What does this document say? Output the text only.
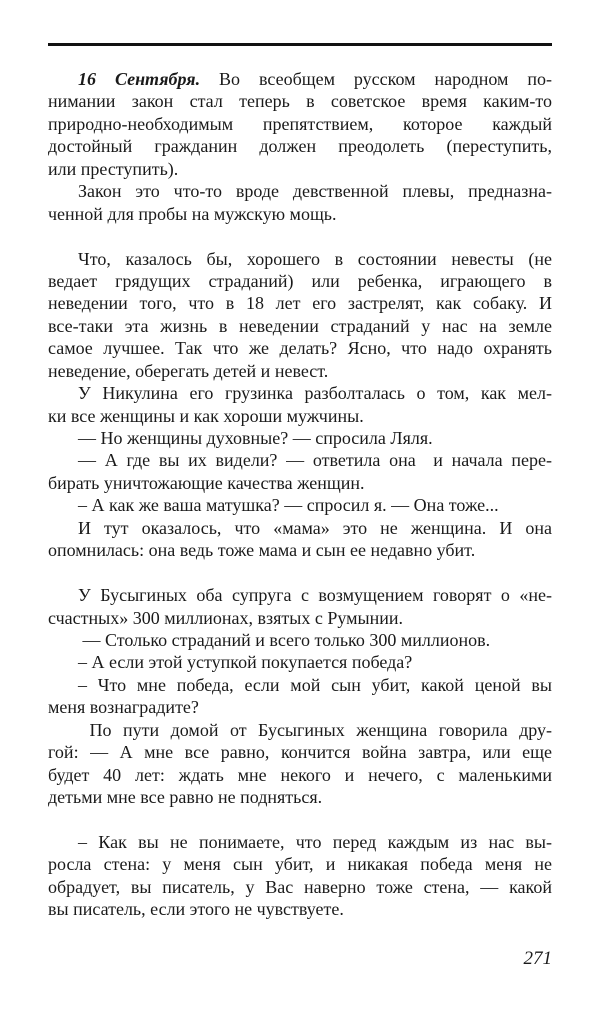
16 Сентября. Во всеобщем русском народном по-
нимании закон стал теперь в советское время каким-то
природно-необходимым препятствием, которое каждый
достойный гражданин должен преодолеть (переступить,
или преступить).
Закон это что-то вроде девственной плевы, предназна-
ченной для пробы на мужскую мощь.
Что, казалось бы, хорошего в состоянии невесты (не
ведает грядущих страданий) или ребенка, играющего в
неведении того, что в 18 лет его застрелят, как собаку. И
все-таки эта жизнь в неведении страданий у нас на земле
самое лучшее. Так что же делать? Ясно, что надо охранять
неведение, оберегать детей и невест.
У Никулина его грузинка разболталась о том, как мел-
ки все женщины и как хороши мужчины.
— Но женщины духовные? — спросила Ляля.
— А где вы их видели? — ответила она  и начала пере-
бирать уничтожающие качества женщин.
– А как же ваша матушка? — спросил я. — Она тоже...
И тут оказалось, что «мама» это не женщина. И она
опомнилась: она ведь тоже мама и сын ее недавно убит.
У Бусыгиных оба супруга с возмущением говорят о «не-
счастных» 300 миллионах, взятых с Румынии.
— Столько страданий и всего только 300 миллионов.
– А если этой уступкой покупается победа?
– Что мне победа, если мой сын убит, какой ценой вы
меня вознаградите?
По пути домой от Бусыгиных женщина говорила дру-
гой: — А мне все равно, кончится война завтра, или еще
будет 40 лет: ждать мне некого и нечего, с маленькими
детьми мне все равно не подняться.
– Как вы не понимаете, что перед каждым из нас вы-
росла стена: у меня сын убит, и никакая победа меня не
обрадует, вы писатель, у Вас наверно тоже стена, — какой
вы писатель, если этого не чувствуете.
271
